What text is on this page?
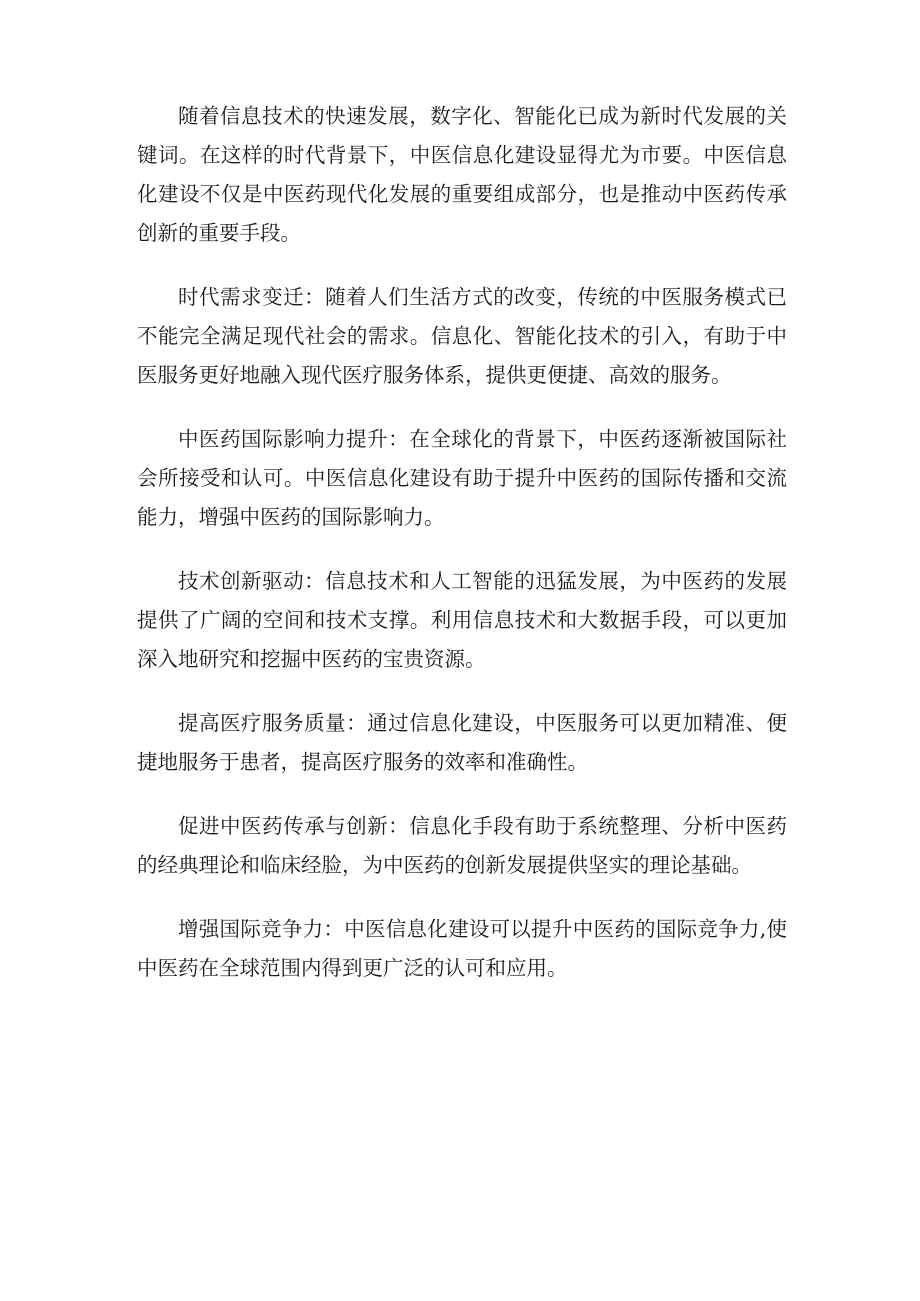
随着信息技术的快速发展，数字化、智能化已成为新时代发展的关键词。在这样的时代背景下，中医信息化建设显得尤为市要。中医信息化建设不仅是中医药现代化发展的重要组成部分，也是推动中医药传承创新的重要手段。

时代需求变迁：随着人们生活方式的改变，传统的中医服务模式已不能完全满足现代社会的需求。信息化、智能化技术的引入，有助于中医服务更好地融入现代医疗服务体系，提供更便捷、高效的服务。

中医药国际影响力提升：在全球化的背景下，中医药逐渐被国际社会所接受和认可。中医信息化建设有助于提升中医药的国际传播和交流能力，增强中医药的国际影响力。

技术创新驱动：信息技术和人工智能的迅猛发展，为中医药的发展提供了广阔的空间和技术支撑。利用信息技术和大数据手段，可以更加深入地研究和挖掘中医药的宝贵资源。

提高医疗服务质量：通过信息化建设，中医服务可以更加精准、便捷地服务于患者，提高医疗服务的效率和准确性。

促进中医药传承与创新：信息化手段有助于系统整理、分析中医药的经典理论和临床经脸，为中医药的创新发展提供坚实的理论基础。

增强国际竞争力：中医信息化建设可以提升中医药的国际竞争力,使中医药在全球范围内得到更广泛的认可和应用。
